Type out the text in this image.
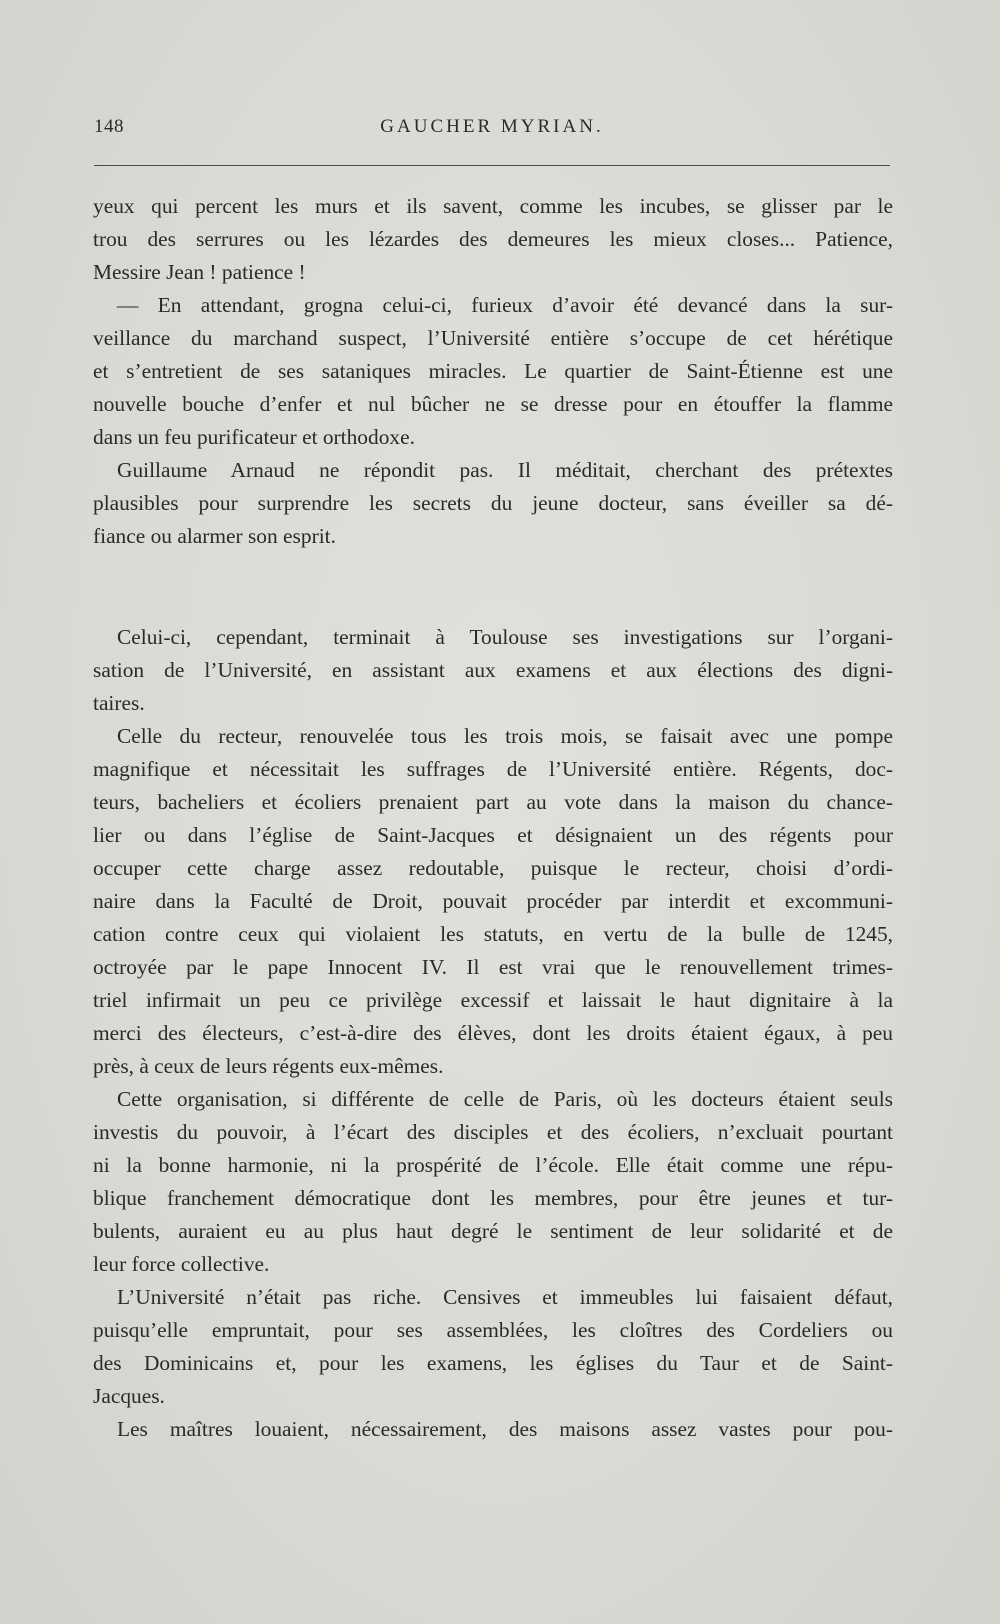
148	GAUCHER MYRIAN.
yeux qui percent les murs et ils savent, comme les incubes, se glisser par le
trou des serrures ou les lézardes des demeures les mieux closes... Patience,
Messire Jean ! patience !
— En attendant, grogna celui-ci, furieux d’avoir été devancé dans la sur-
veillance du marchand suspect, l’Université entière s’occupe de cet hérétique
et s’entretient de ses sataniques miracles. Le quartier de Saint-Étienne est une
nouvelle bouche d’enfer et nul bûcher ne se dresse pour en étouffer la flamme
dans un feu purificateur et orthodoxe.
Guillaume Arnaud ne répondit pas. Il méditait, cherchant des prétextes
plausibles pour surprendre les secrets du jeune docteur, sans éveiller sa dé-
fiance ou alarmer son esprit.
Celui-ci, cependant, terminait à Toulouse ses investigations sur l’organi-
sation de l’Université, en assistant aux examens et aux élections des digni-
taires.
Celle du recteur, renouvelée tous les trois mois, se faisait avec une pompe
magnifique et nécessitait les suffrages de l’Université entière. Régents, doc-
teurs, bacheliers et écoliers prenaient part au vote dans la maison du chance-
lier ou dans l’église de Saint-Jacques et désignaient un des régents pour
occuper cette charge assez redoutable, puisque le recteur, choisi d’ordi-
naire dans la Faculté de Droit, pouvait procéder par interdit et excommuni-
cation contre ceux qui violaient les statuts, en vertu de la bulle de 1245,
octroyée par le pape Innocent IV. Il est vrai que le renouvellement trimes-
triel infirmait un peu ce privilège excessif et laissait le haut dignitaire à la
merci des électeurs, c’est-à-dire des élèves, dont les droits étaient égaux, à peu
près, à ceux de leurs régents eux-mêmes.
Cette organisation, si différente de celle de Paris, où les docteurs étaient seuls
investis du pouvoir, à l’écart des disciples et des écoliers, n’excluait pourtant
ni la bonne harmonie, ni la prospérité de l’école. Elle était comme une répu-
blique franchement démocratique dont les membres, pour être jeunes et tur-
bulents, auraient eu au plus haut degré le sentiment de leur solidarité et de
leur force collective.
L’Université n’était pas riche. Censives et immeubles lui faisaient défaut,
puisqu’elle empruntait, pour ses assemblées, les cloîtres des Cordeliers ou
des Dominicains et, pour les examens, les églises du Taur et de Saint-
Jacques.
Les maîtres louaient, nécessairement, des maisons assez vastes pour pou-
